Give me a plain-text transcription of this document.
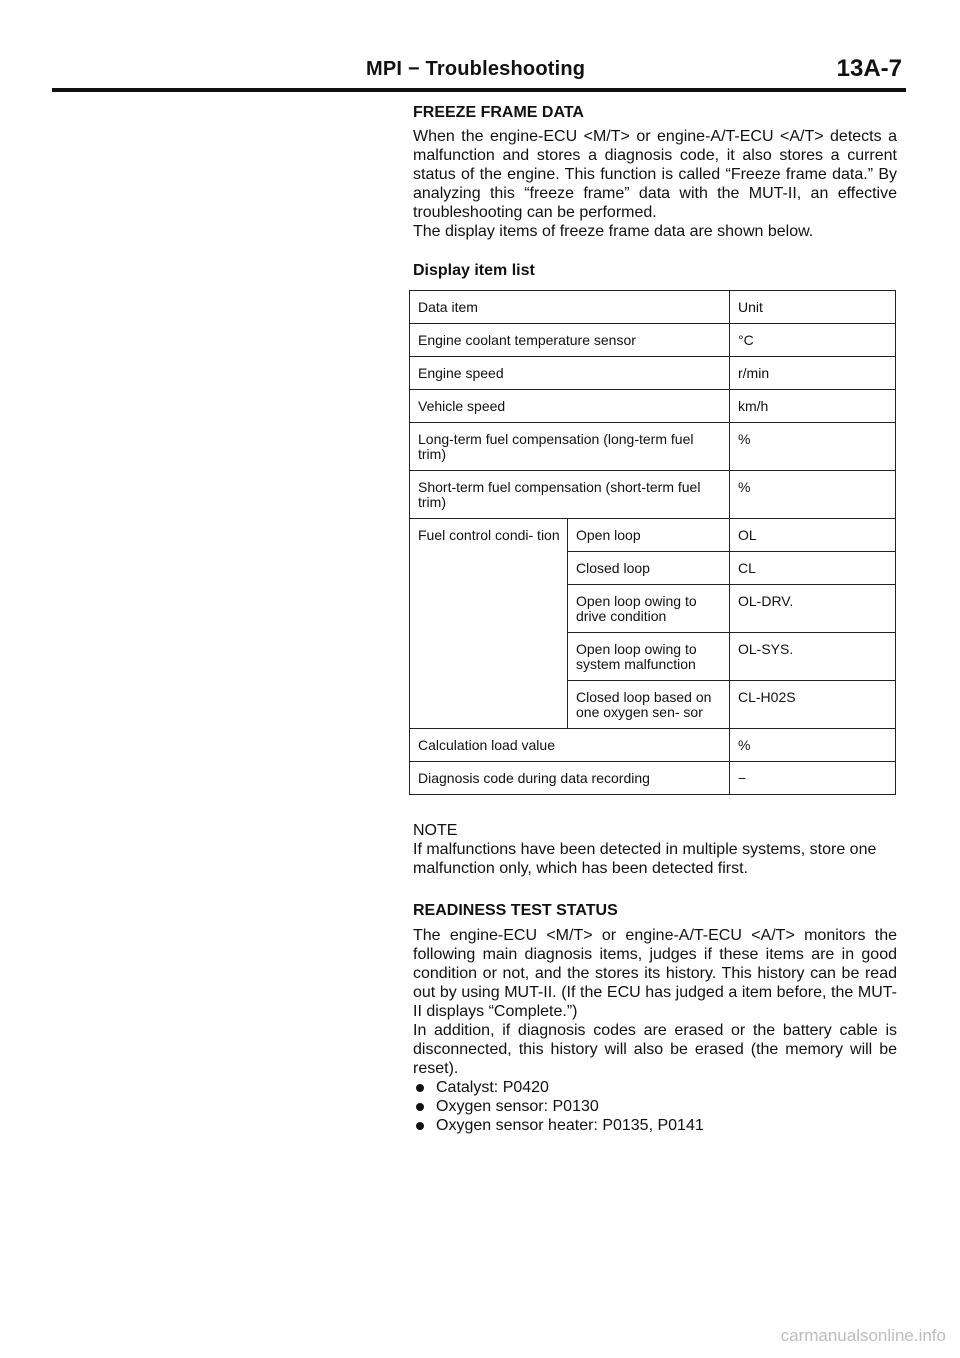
MPI − Troubleshooting	13A-7

FREEZE FRAME DATA

When the engine-ECU <M/T> or engine-A/T-ECU <A/T> detects a malfunction and stores a diagnosis code, it also stores a current status of the engine. This function is called “Freeze frame data.” By analyzing this “freeze frame” data with the MUT-II, an effective troubleshooting can be performed.

The display items of freeze frame data are shown below.

Display item list

Data item		Unit
Engine coolant temperature sensor		°C
Engine speed		r/min
Vehicle speed		km/h
Long-term fuel compensation (long-term fuel trim)		%
Short-term fuel compensation (short-term fuel trim)		%
Fuel control condi- tion	Open loop	OL
	Closed loop	CL
	Open loop owing to drive condition	OL-DRV.
	Open loop owing to system malfunction	OL-SYS.
	Closed loop based on one oxygen sen- sor	CL-H02S
Calculation load value		%
Diagnosis code during data recording		−

NOTE

If malfunctions have been detected in multiple systems, store one malfunction only, which has been detected first.

READINESS TEST STATUS

The engine-ECU <M/T> or engine-A/T-ECU <A/T> monitors the following main diagnosis items, judges if these items are in good condition or not, and the stores its history. This history can be read out by using MUT-II. (If the ECU has judged a item before, the MUT-II displays “Complete.”)

In addition, if diagnosis codes are erased or the battery cable is disconnected, this history will also be erased (the memory will be reset).

Catalyst: P0420
Oxygen sensor: P0130
Oxygen sensor heater: P0135, P0141
carmanualsonline.info
